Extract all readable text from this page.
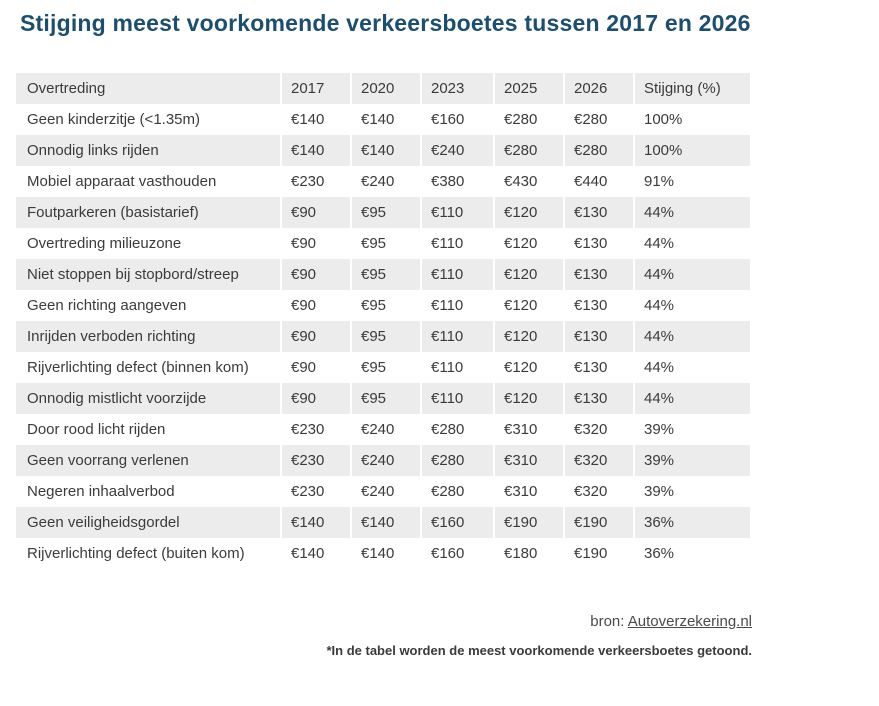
Stijging meest voorkomende verkeersboetes tussen 2017 en 2026
Overtreding	2017	2020	2023	2025	2026	Stijging (%)
Geen kinderzitje (<1.35m)	€140	€140	€160	€280	€280	100%
Onnodig links rijden	€140	€140	€240	€280	€280	100%
Mobiel apparaat vasthouden	€230	€240	€380	€430	€440	91%
Foutparkeren (basistarief)	€90	€95	€110	€120	€130	44%
Overtreding milieuzone	€90	€95	€110	€120	€130	44%
Niet stoppen bij stopbord/streep	€90	€95	€110	€120	€130	44%
Geen richting aangeven	€90	€95	€110	€120	€130	44%
Inrijden verboden richting	€90	€95	€110	€120	€130	44%
Rijverlichting defect (binnen kom)	€90	€95	€110	€120	€130	44%
Onnodig mistlicht voorzijde	€90	€95	€110	€120	€130	44%
Door rood licht rijden	€230	€240	€280	€310	€320	39%
Geen voorrang verlenen	€230	€240	€280	€310	€320	39%
Negeren inhaalverbod	€230	€240	€280	€310	€320	39%
Geen veiligheidsgordel	€140	€140	€160	€190	€190	36%
Rijverlichting defect (buiten kom)	€140	€140	€160	€180	€190	36%
bron: Autoverzekering.nl
*In de tabel worden de meest voorkomende verkeersboetes getoond.
